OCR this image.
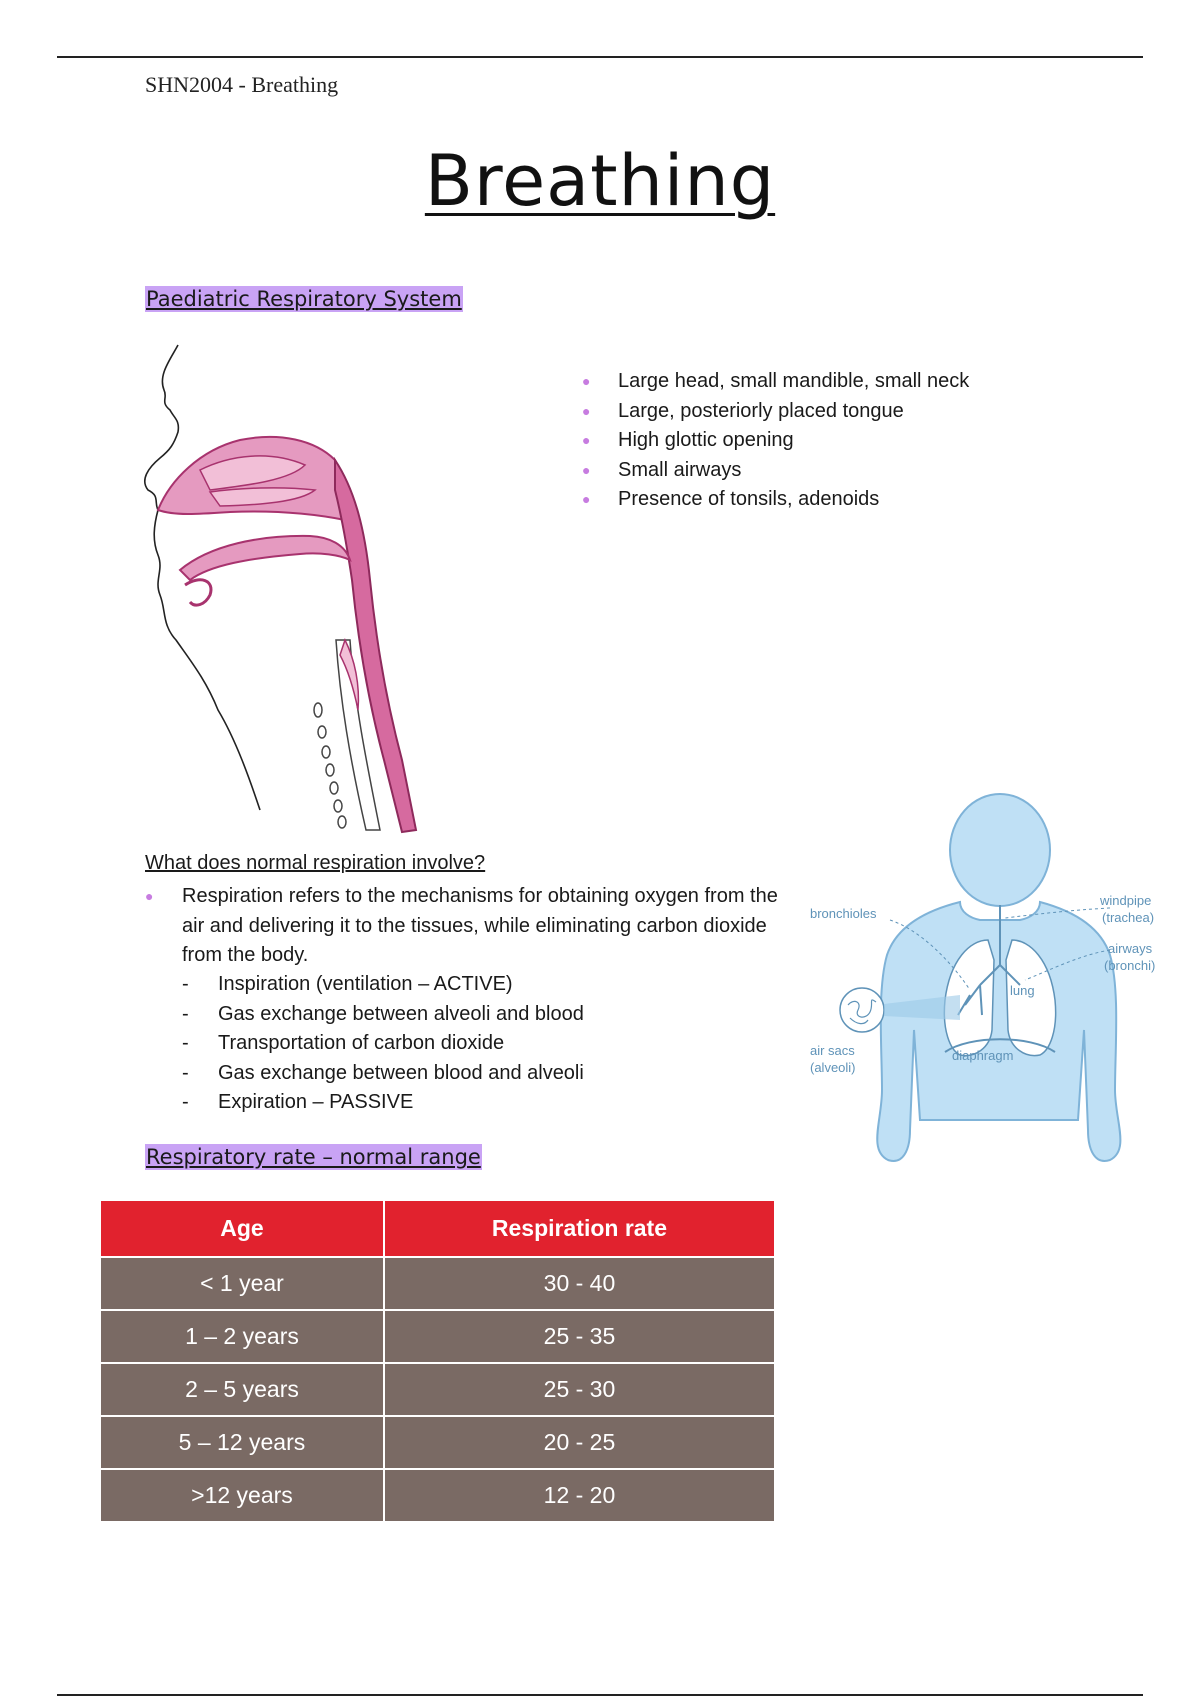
SHN2004 - Breathing
Breathing
Paediatric Respiratory System
● Large head, small mandible, small neck
● Large, posteriorly placed tongue
● High glottic opening
● Small airways
● Presence of tonsils, adenoids
What does normal respiration involve?
●	Respiration refers to the mechanisms for obtaining oxygen from the air and delivering it to the tissues, while eliminating carbon dioxide from the body.
- Inspiration (ventilation – ACTIVE)
- Gas exchange between alveoli and blood
- Transportation of carbon dioxide
- Gas exchange between blood and alveoli
- Expiration – PASSIVE
bronchioles
windpipe
(trachea)
airways
(bronchi)
lung
air sacs
(alveoli)
diaphragm
Respiratory rate – normal range
Age	Respiration rate
< 1 year	30 - 40
1 – 2 years	25 - 35
2 – 5 years	25 - 30
5 – 12 years	20 - 25
>12 years	12 - 20
